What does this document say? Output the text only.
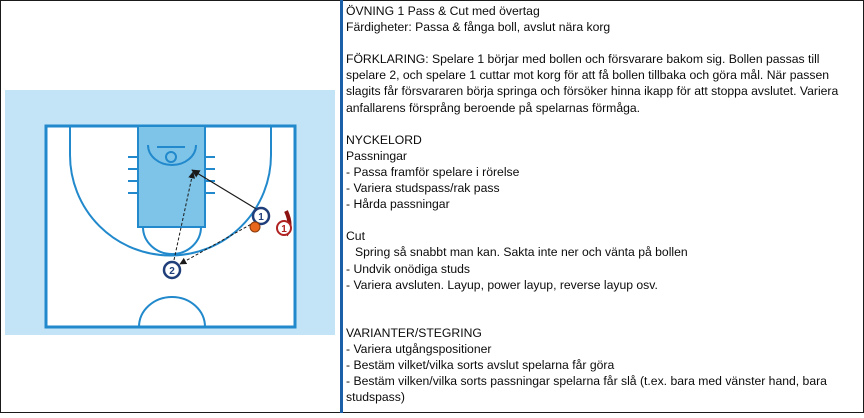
1
1
2
ÖVNING 1 Pass & Cut med övertag
Färdigheter: Passa & fånga boll, avslut nära korg
FÖRKLARING: Spelare 1 börjar med bollen och försvarare bakom sig. Bollen passas till spelare 2, och spelare 1 cuttar mot korg för att få bollen tillbaka och göra mål. När passen slagits får försvararen börja springa och försöker hinna ikapp för att stoppa avslutet. Variera anfallarens försprång beroende på spelarnas förmåga.
NYCKELORD
Passningar
- Passa framför spelare i rörelse
- Variera studspass/rak pass
- Hårda passningar
Cut
Spring så snabbt man kan. Sakta inte ner och vänta på bollen
- Undvik onödiga studs
- Variera avsluten. Layup, power layup, reverse layup osv.
VARIANTER/STEGRING
- Variera utgångspositioner
- Bestäm vilket/vilka sorts avslut spelarna får göra
- Bestäm vilken/vilka sorts passningar spelarna får slå (t.ex. bara med vänster hand, bara studspass)
